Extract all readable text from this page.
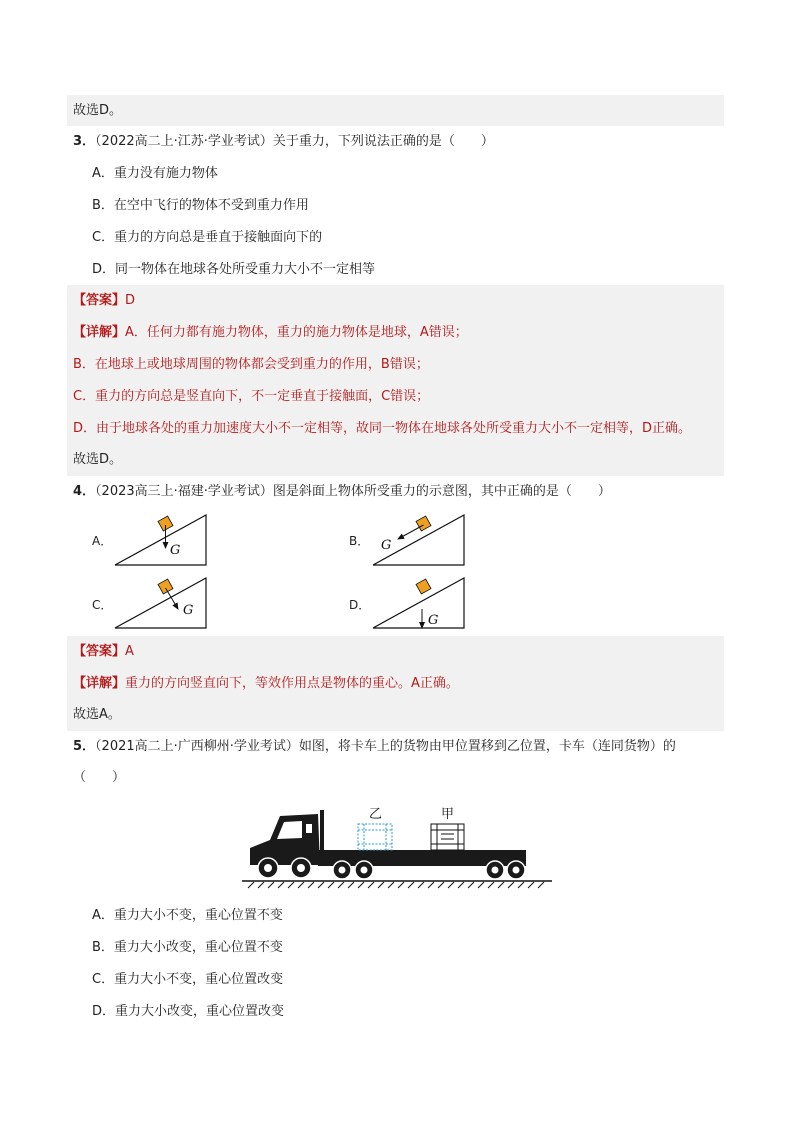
故选D。
3．（2022高二上·江苏·学业考试）关于重力，下列说法正确的是（　　）
A．重力没有施力物体
B．在空中飞行的物体不受到重力作用
C．重力的方向总是垂直于接触面向下的
D．同一物体在地球各处所受重力大小不一定相等
【答案】D
【详解】A．任何力都有施力物体，重力的施力物体是地球，A错误；
B．在地球上或地球周围的物体都会受到重力的作用，B错误；
C．重力的方向总是竖直向下，不一定垂直于接触面，C错误；
D．由于地球各处的重力加速度大小不一定相等，故同一物体在地球各处所受重力大小不一定相等，D正确。
故选D。
4．（2023高三上·福建·学业考试）图是斜面上物体所受重力的示意图，其中正确的是（　　）
A．	B．
C．	D．
G	G
G
G
【答案】A
【详解】重力的方向竖直向下，等效作用点是物体的重心。A正确。
故选A。
5．（2021高二上·广西柳州·学业考试）如图，将卡车上的货物由甲位置移到乙位置，卡车（连同货物）的
（　　）
乙	甲
A．重力大小不变，重心位置不变
B．重力大小改变，重心位置不变
C．重力大小不变，重心位置改变
D．重力大小改变，重心位置改变
